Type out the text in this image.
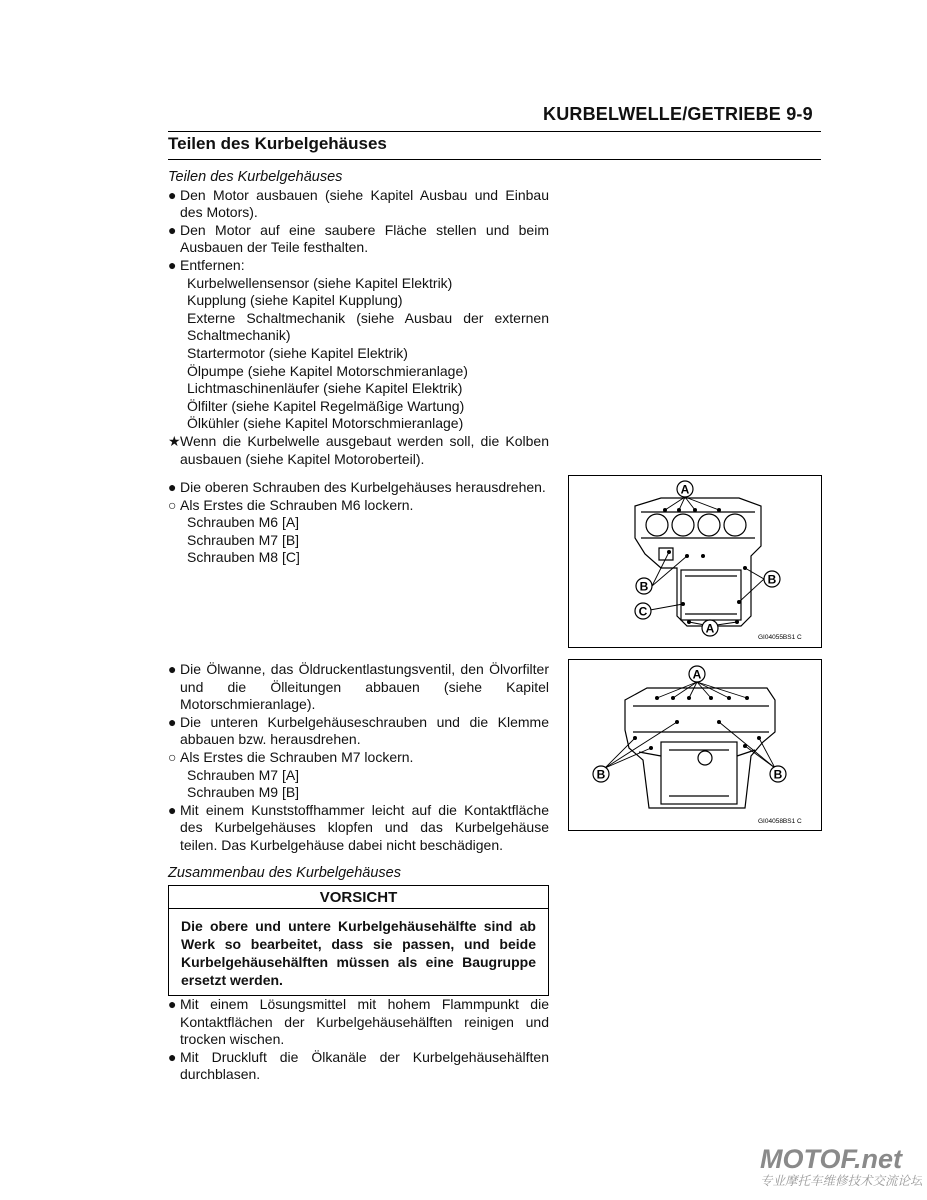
KURBELWELLE/GETRIEBE 9-9
Teilen des Kurbelgehäuses

Teilen des Kurbelgehäuses

● Den Motor ausbauen (siehe Kapitel Ausbau und Einbau des Motors).

● Den Motor auf eine saubere Fläche stellen und beim Ausbauen der Teile festhalten.

● Entfernen:

Kurbelwellensensor (siehe Kapitel Elektrik)

Kupplung (siehe Kapitel Kupplung)

Externe Schaltmechanik (siehe Ausbau der externen Schaltmechanik)

Startermotor (siehe Kapitel Elektrik)

Ölpumpe (siehe Kapitel Motorschmieranlage)

Lichtmaschinenläufer (siehe Kapitel Elektrik)

Ölfilter (siehe Kapitel Regelmäßige Wartung)

Ölkühler (siehe Kapitel Motorschmieranlage)

★Wenn die Kurbelwelle ausgebaut werden soll, die Kolben ausbauen (siehe Kapitel Motoroberteil).

● Die oberen Schrauben des Kurbelgehäuses herausdrehen.

○ Als Erstes die Schrauben M6 lockern.

Schrauben M6 [A]

Schrauben M7 [B]

Schrauben M8 [C]

● Die Ölwanne, das Öldruckentlastungsventil, den Ölvorfilter und die Ölleitungen abbauen (siehe Kapitel Motorschmieranlage).

● Die unteren Kurbelgehäuseschrauben und die Klemme abbauen bzw. herausdrehen.

○ Als Erstes die Schrauben M7 lockern.

Schrauben M7 [A]

Schrauben M9 [B]

● Mit einem Kunststoffhammer leicht auf die Kontaktfläche des Kurbelgehäuses klopfen und das Kurbelgehäuse teilen. Das Kurbelgehäuse dabei nicht beschädigen.

Zusammenbau des Kurbelgehäuses

VORSICHT
Die obere und untere Kurbelgehäusehälfte sind ab Werk so bearbeitet, dass sie passen, und beide Kurbelgehäusehälften müssen als eine Baugruppe ersetzt werden.

● Mit einem Lösungsmittel mit hohem Flammpunkt die Kontaktflächen der Kurbelgehäusehälften reinigen und trocken wischen.

● Mit Druckluft die Ölkanäle der Kurbelgehäusehälften durchblasen.

A
B	B
C
A
GI04055BS1 C
A
B	B
GI04058BS1 C
MOTOF.net
专业摩托车维修技术交流论坛
